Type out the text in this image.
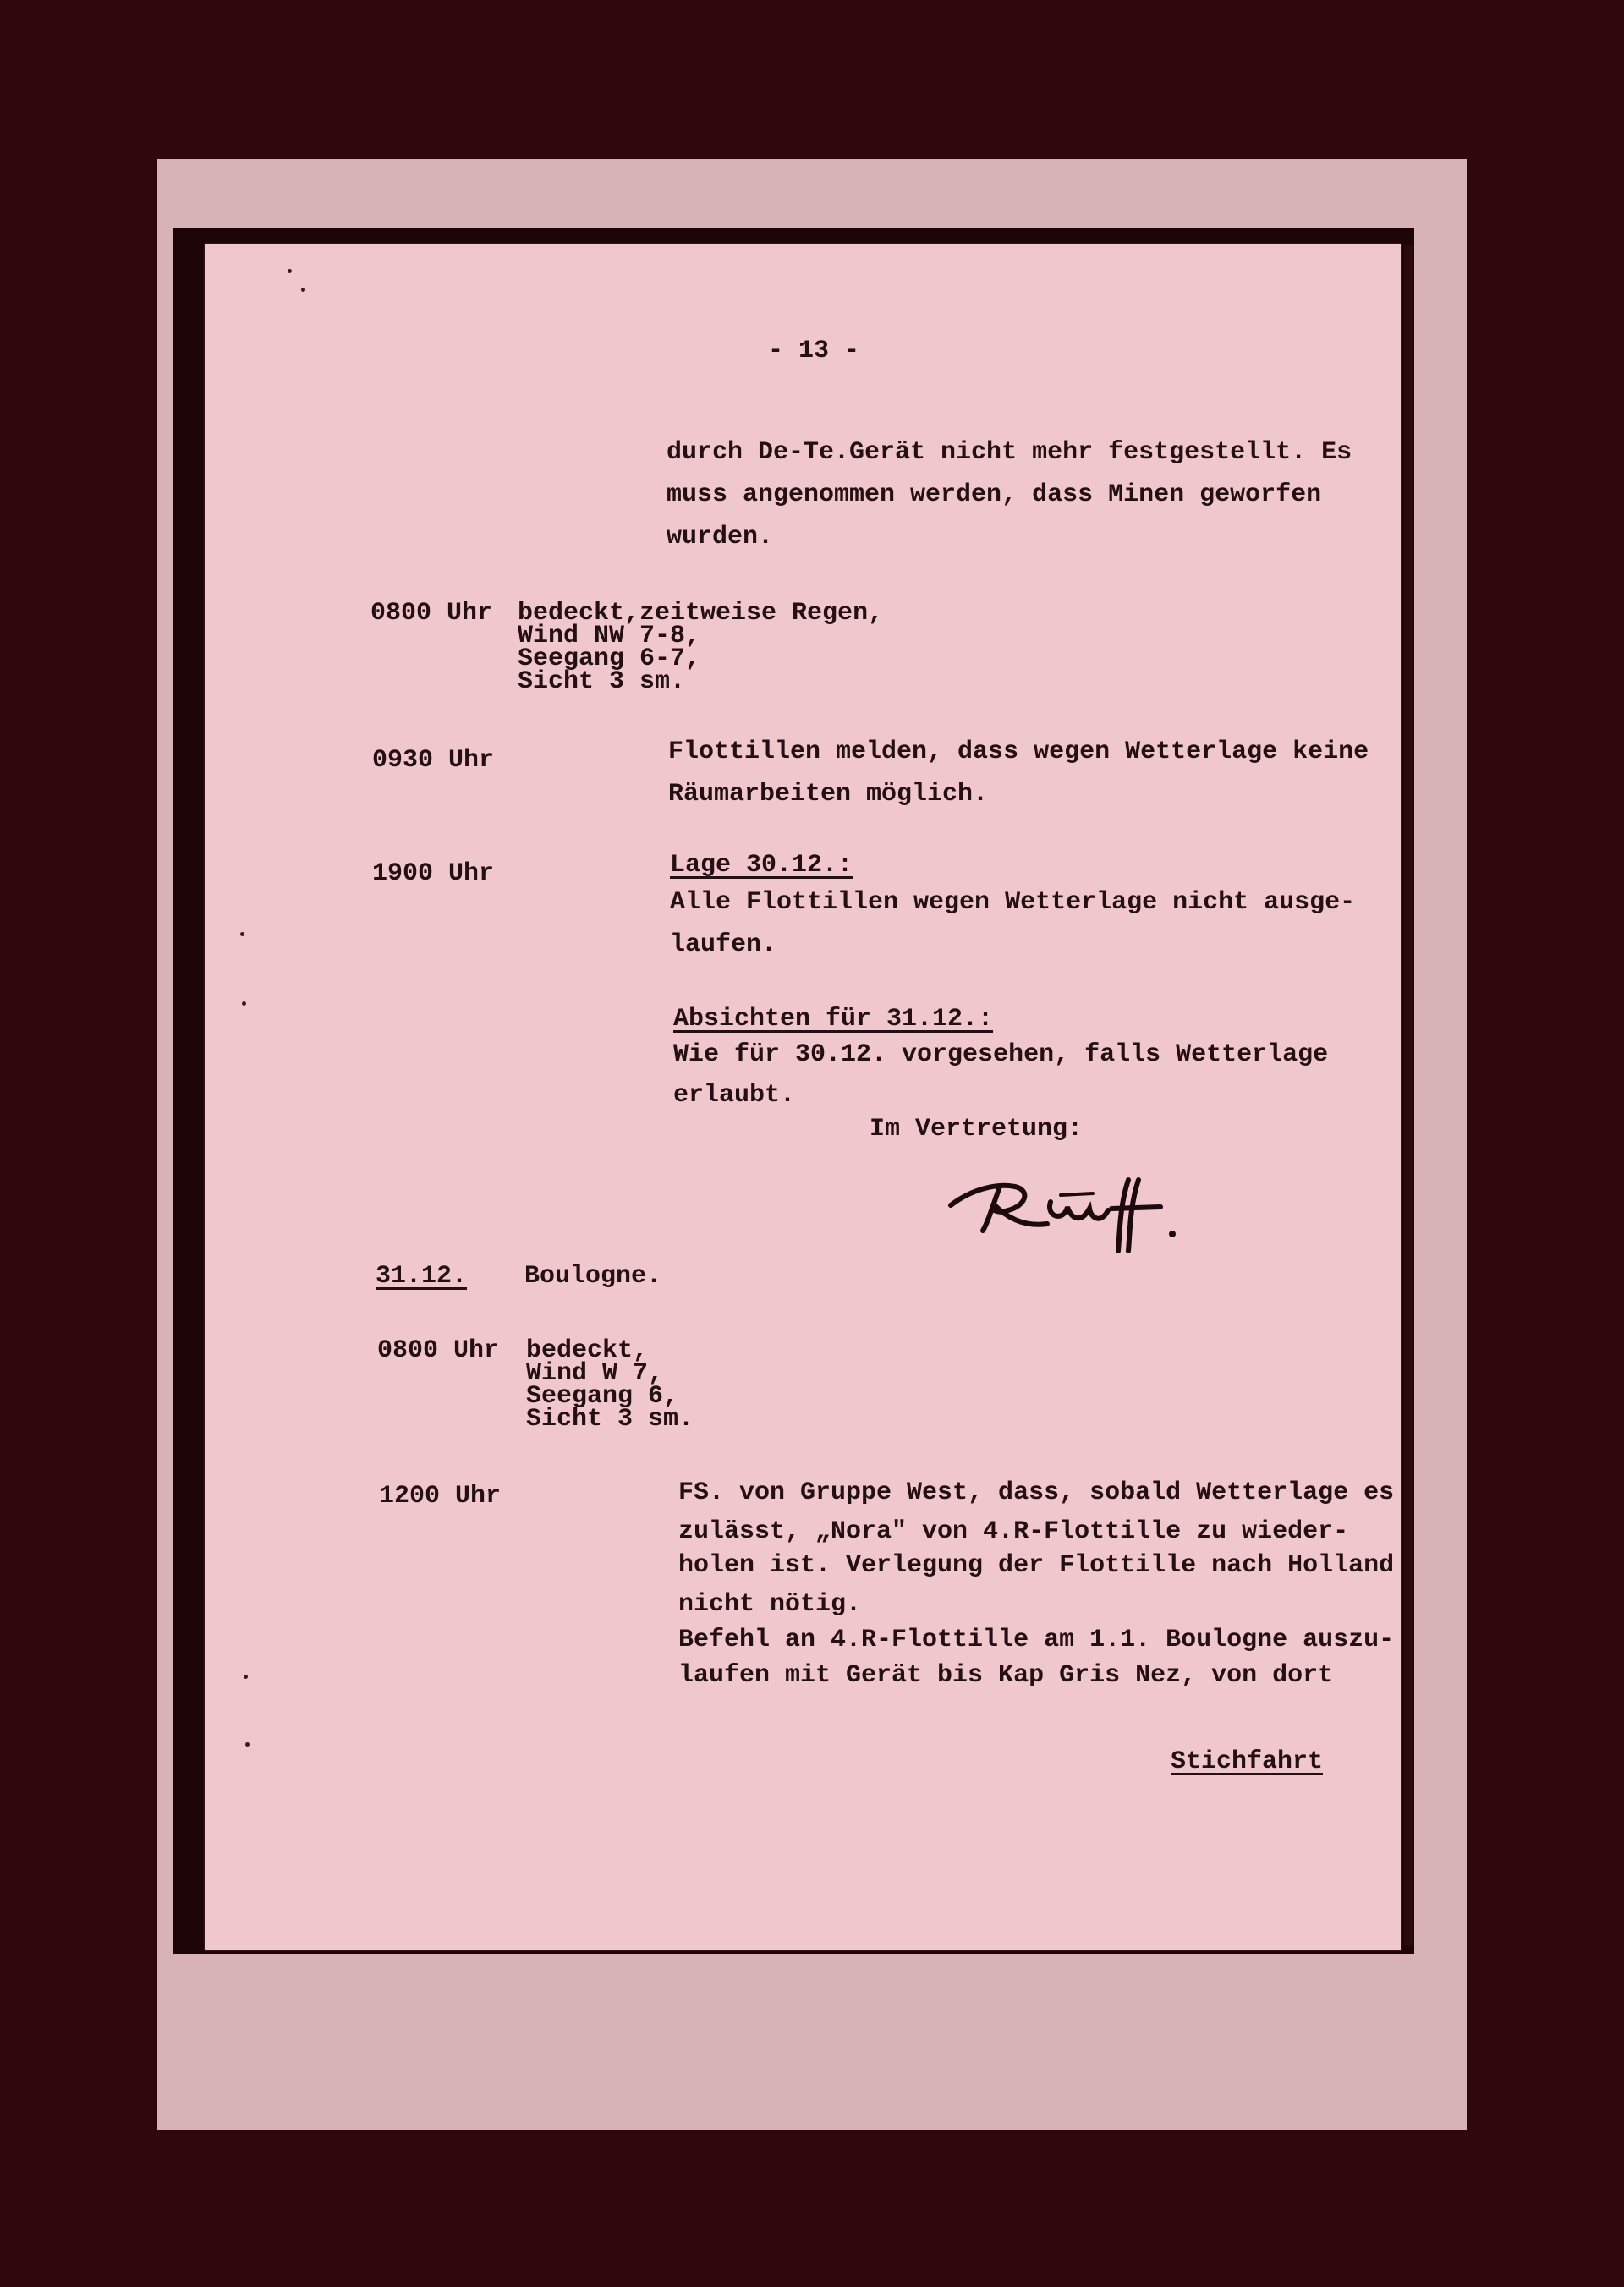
- 13 -

durch De-Te.Gerät nicht mehr festgestellt. Es

muss angenommen werden, dass Minen geworfen

wurden.

0800 Uhr bedeckt,zeitweise Regen,

Wind NW 7-8,

Seegang 6-7,

Sicht 3 sm.

0930 Uhr	Flottillen melden, dass wegen Wetterlage keine

Räumarbeiten möglich.

1900 Uhr	Lage 30.12.:

Alle Flottillen wegen Wetterlage nicht ausge-

laufen.

Absichten für 31.12.:

Wie für 30.12. vorgesehen, falls Wetterlage

erlaubt.

Im Vertretung:

31.12. Boulogne.

0800 Uhr bedeckt,

Wind W 7,

Seegang 6,

Sicht 3 sm.

1200 Uhr	FS. von Gruppe West, dass, sobald Wetterlage es

zulässt, „Nora" von 4.R-Flottille zu wieder-

holen ist. Verlegung der Flottille nach Holland

nicht nötig.

Befehl an 4.R-Flottille am 1.1. Boulogne auszu-

laufen mit Gerät bis Kap Gris Nez, von dort

Stichfahrt
